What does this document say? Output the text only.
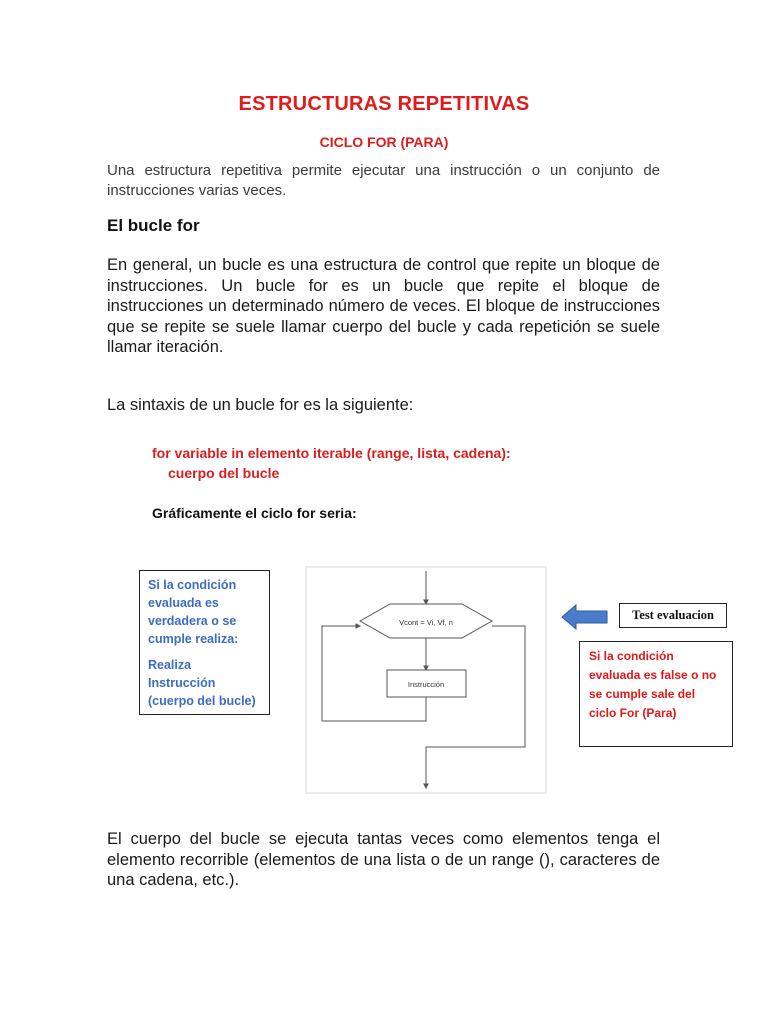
ESTRUCTURAS REPETITIVAS
CICLO FOR (PARA)
Una estructura repetitiva permite ejecutar una instrucción o un conjunto de instrucciones varias veces.
El bucle for
En general, un bucle es una estructura de control que repite un bloque de instrucciones. Un bucle for es un bucle que repite el bloque de instrucciones un determinado número de veces. El bloque de instrucciones que se repite se suele llamar cuerpo del bucle y cada repetición se suele llamar iteración.
La sintaxis de un bucle for es la siguiente:
for variable in elemento iterable (range, lista, cadena):
cuerpo del bucle
Gráficamente el ciclo for seria:
Si la condición evaluada es verdadera o se cumple realiza:
Realiza Instrucción (cuerpo del bucle)
Vcont = Vi, Vf, n
Instrucción
Test evaluacion
Si la condición evaluada es false o no se cumple sale del ciclo For (Para)
El cuerpo del bucle se ejecuta tantas veces como elementos tenga el elemento recorrible (elementos de una lista o de un range (), caracteres de una cadena, etc.).
